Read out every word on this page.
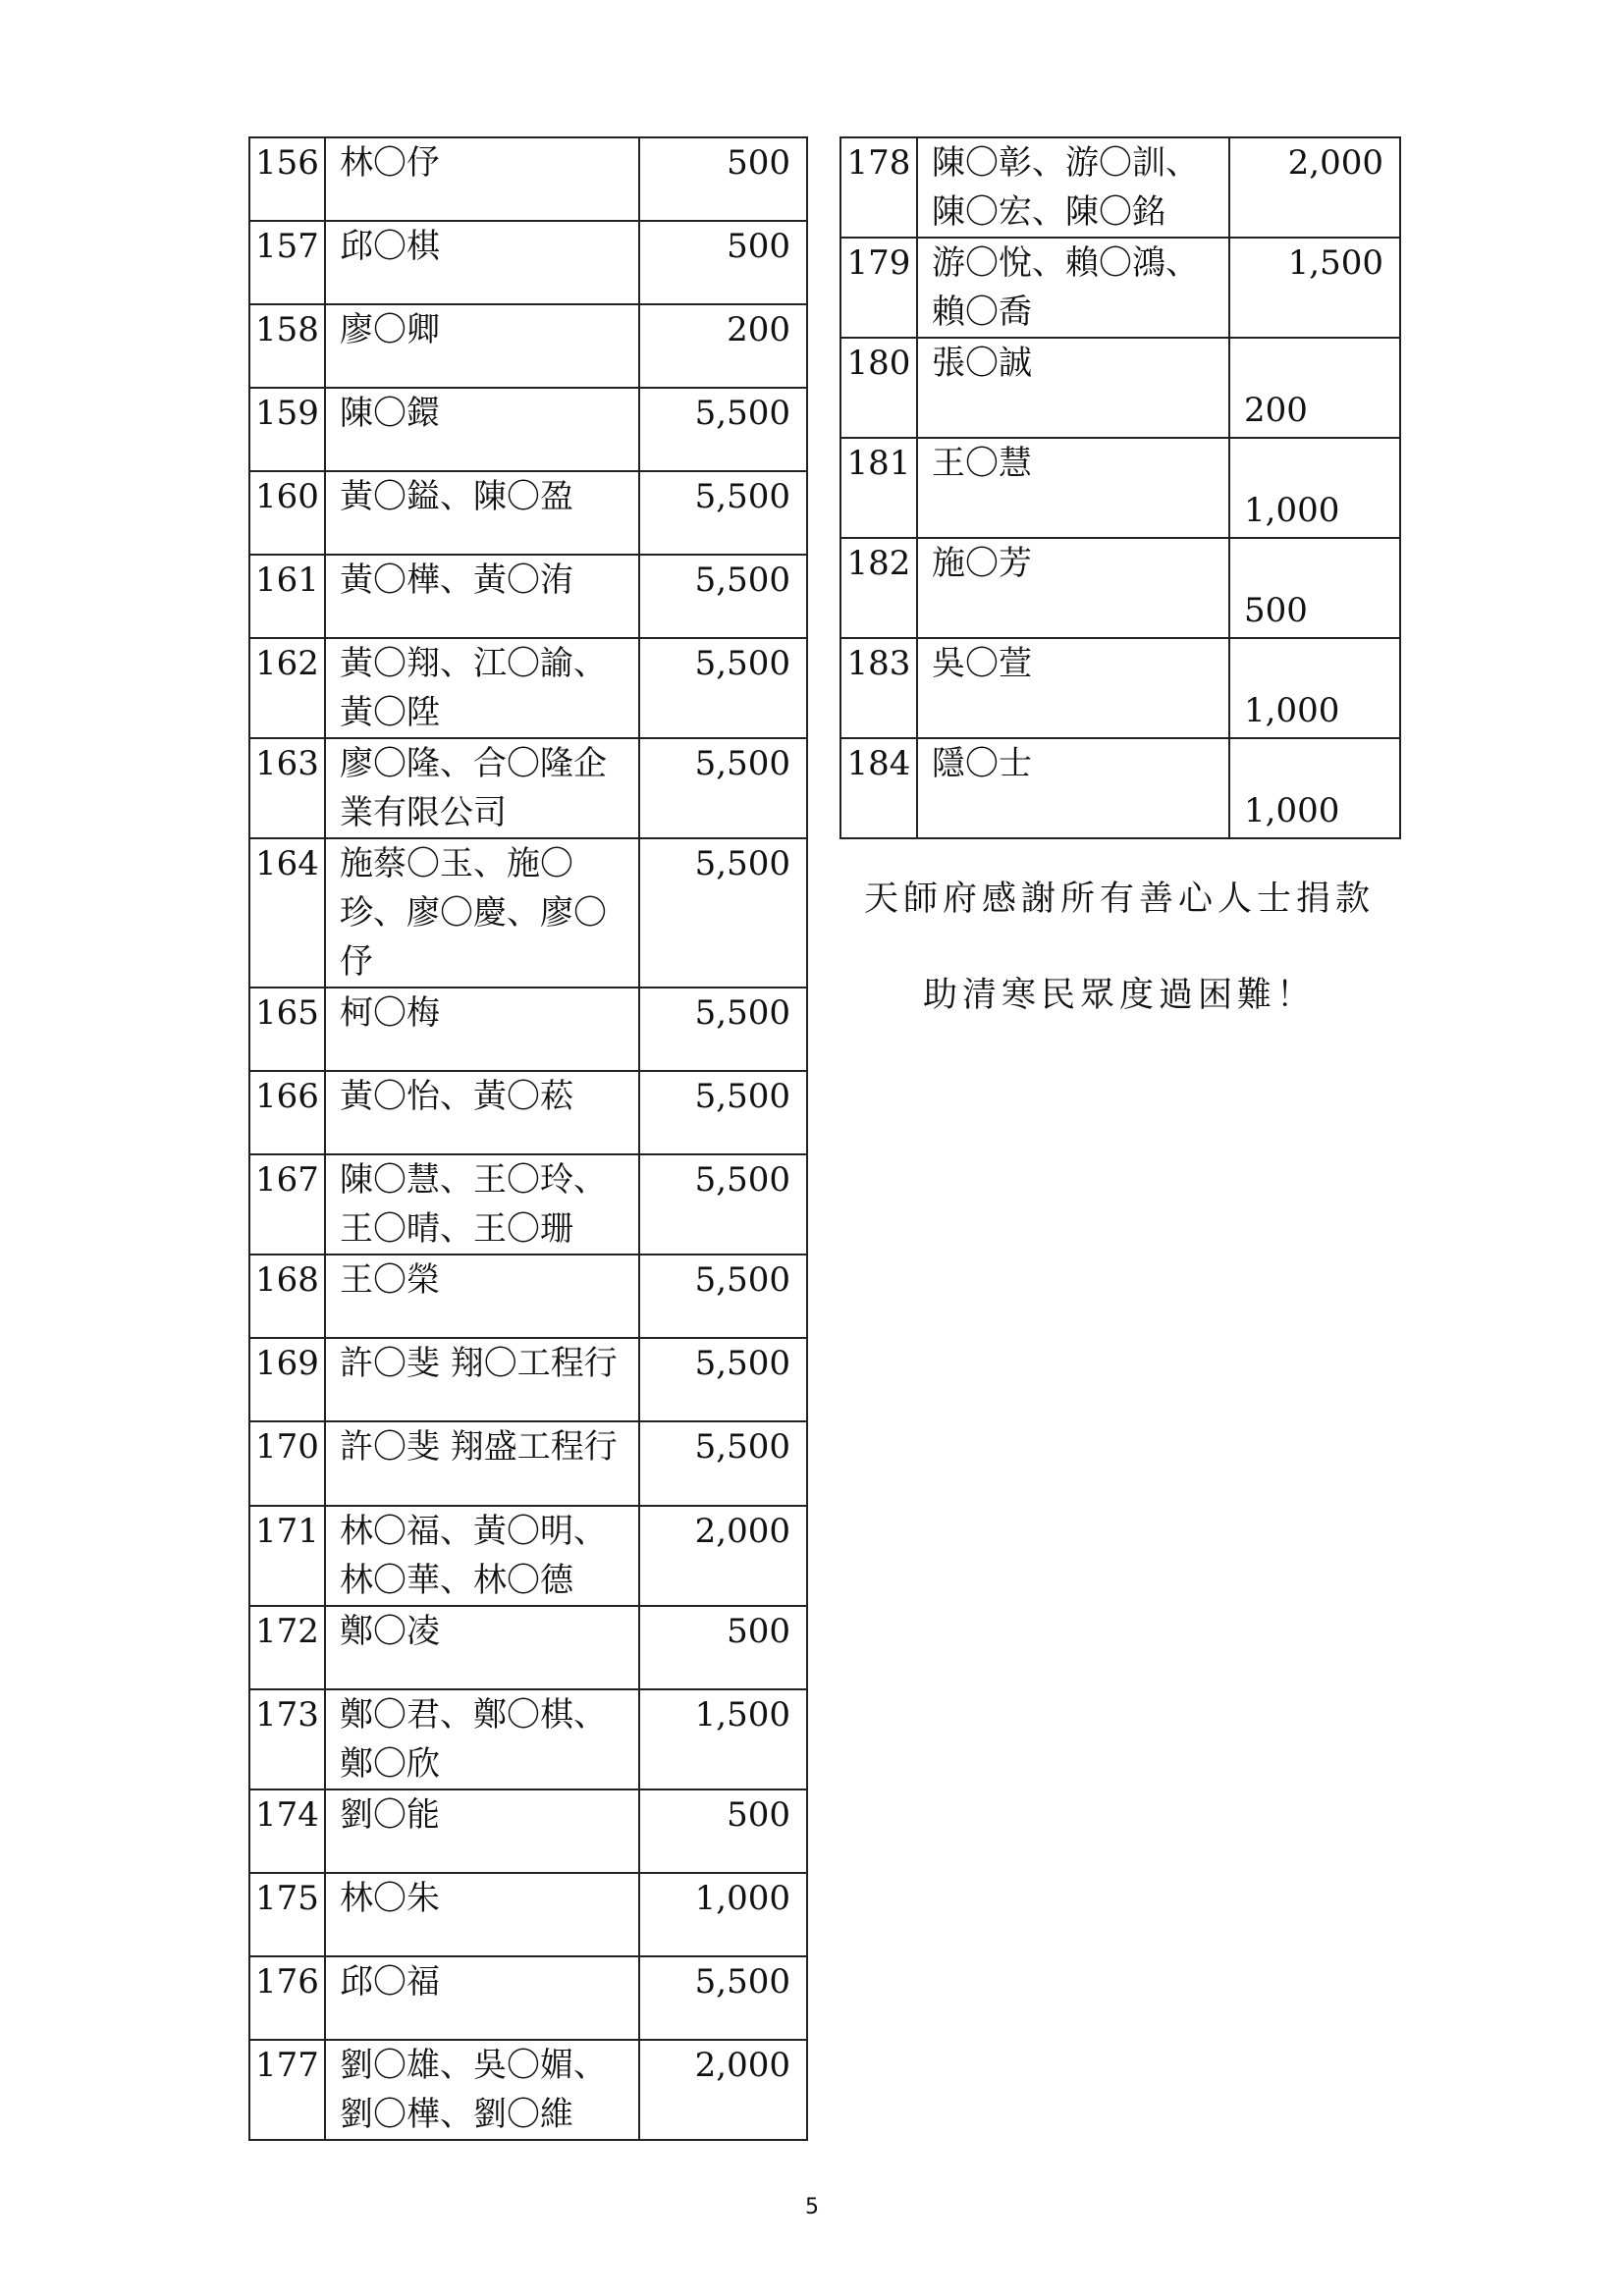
156	林〇伃	500
157	邱〇棋	500
158	廖〇卿	200
159	陳〇鐶	5,500
160	黃〇鎰、陳〇盈	5,500
161	黃〇樺、黃〇洧	5,500
162	黃〇翔、江〇諭、黃〇陞	5,500
163	廖〇隆、合〇隆企業有限公司	5,500
164	施蔡〇玉、施〇珍、廖〇慶、廖〇伃	5,500
165	柯〇梅	5,500
166	黃〇怡、黃〇菘	5,500
167	陳〇慧、王〇玲、王〇晴、王〇珊	5,500
168	王〇榮	5,500
169	許〇斐 翔〇工程行	5,500
170	許〇斐 翔盛工程行	5,500
171	林〇福、黃〇明、林〇華、林〇德	2,000
172	鄭〇凌	500
173	鄭〇君、鄭〇棋、鄭〇欣	1,500
174	劉〇能	500
175	林〇朱	1,000
176	邱〇福	5,500
177	劉〇雄、吳〇媚、劉〇樺、劉〇維	2,000
178	陳〇彰、游〇訓、陳〇宏、陳〇銘	2,000
179	游〇悅、賴〇鴻、賴〇喬	1,500
180	張〇誠	200
181	王〇慧	1,000
182	施〇芳	500
183	吳〇萱	1,000
184	隱〇士	1,000
天師府感謝所有善心人士捐款
助清寒民眾度過困難！
5
